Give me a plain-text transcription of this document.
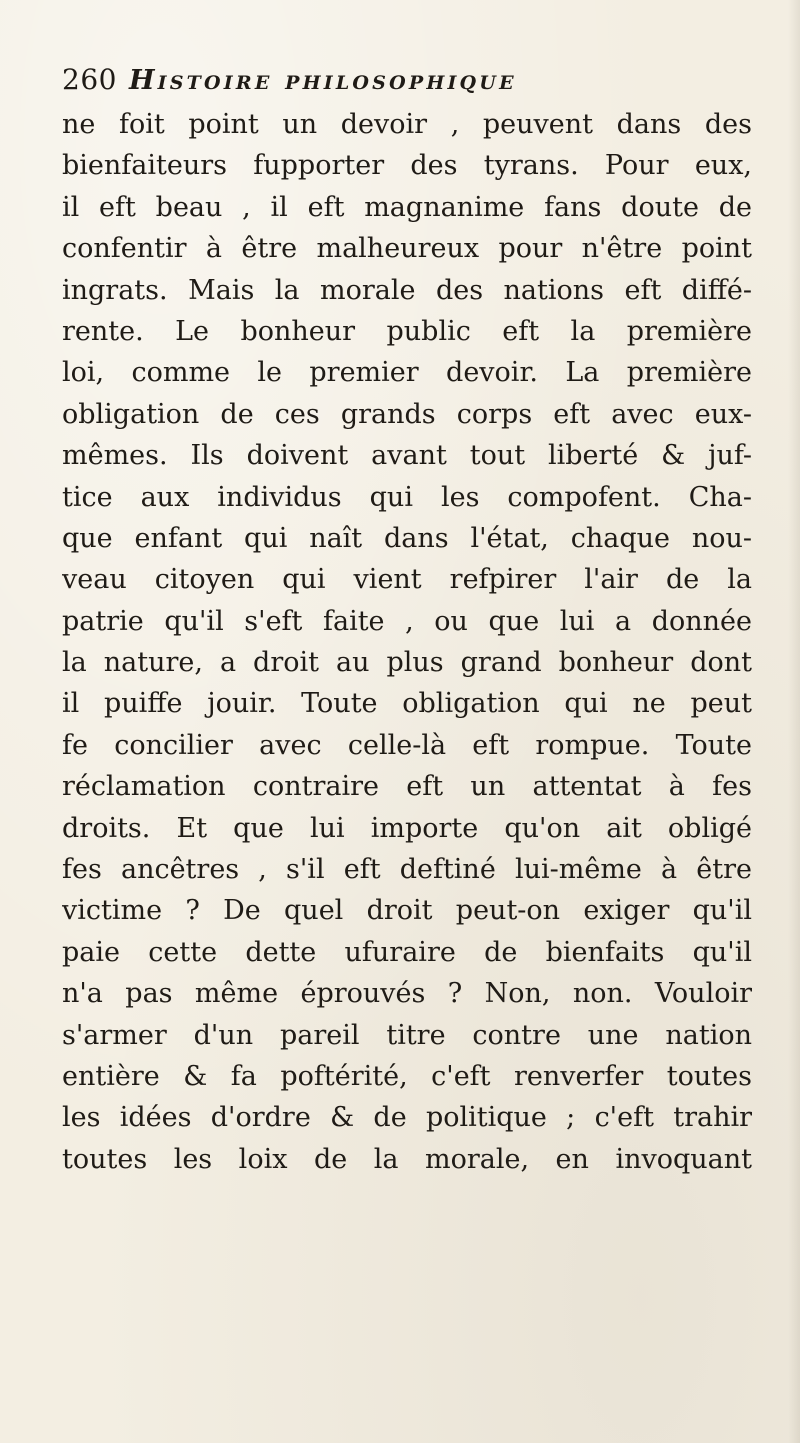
260 Histoire philosophique
ne foit point un devoir , peuvent dans des
bienfaiteurs fupporter des tyrans. Pour eux,
il eft beau , il eft magnanime fans doute de
confentir à être malheureux pour n'être point
ingrats. Mais la morale des nations eft diffé-
rente. Le bonheur public eft la première
loi, comme le premier devoir. La première
obligation de ces grands corps eft avec eux-
mêmes. Ils doivent avant tout liberté & juf-
tice aux individus qui les compofent. Cha-
que enfant qui naît dans l'état, chaque nou-
veau citoyen qui vient refpirer l'air de la
patrie qu'il s'eft faite , ou que lui a donnée
la nature, a droit au plus grand bonheur dont
il puiffe jouir. Toute obligation qui ne peut
fe concilier avec celle-là eft rompue. Toute
réclamation contraire eft un attentat à fes
droits. Et que lui importe qu'on ait obligé
fes ancêtres , s'il eft deftiné lui-même à être
victime ? De quel droit peut-on exiger qu'il
paie cette dette ufuraire de bienfaits qu'il
n'a pas même éprouvés ? Non, non. Vouloir
s'armer d'un pareil titre contre une nation
entière & fa poftérité, c'eft renverfer toutes
les idées d'ordre & de politique ; c'eft trahir
toutes les loix de la morale, en invoquant
